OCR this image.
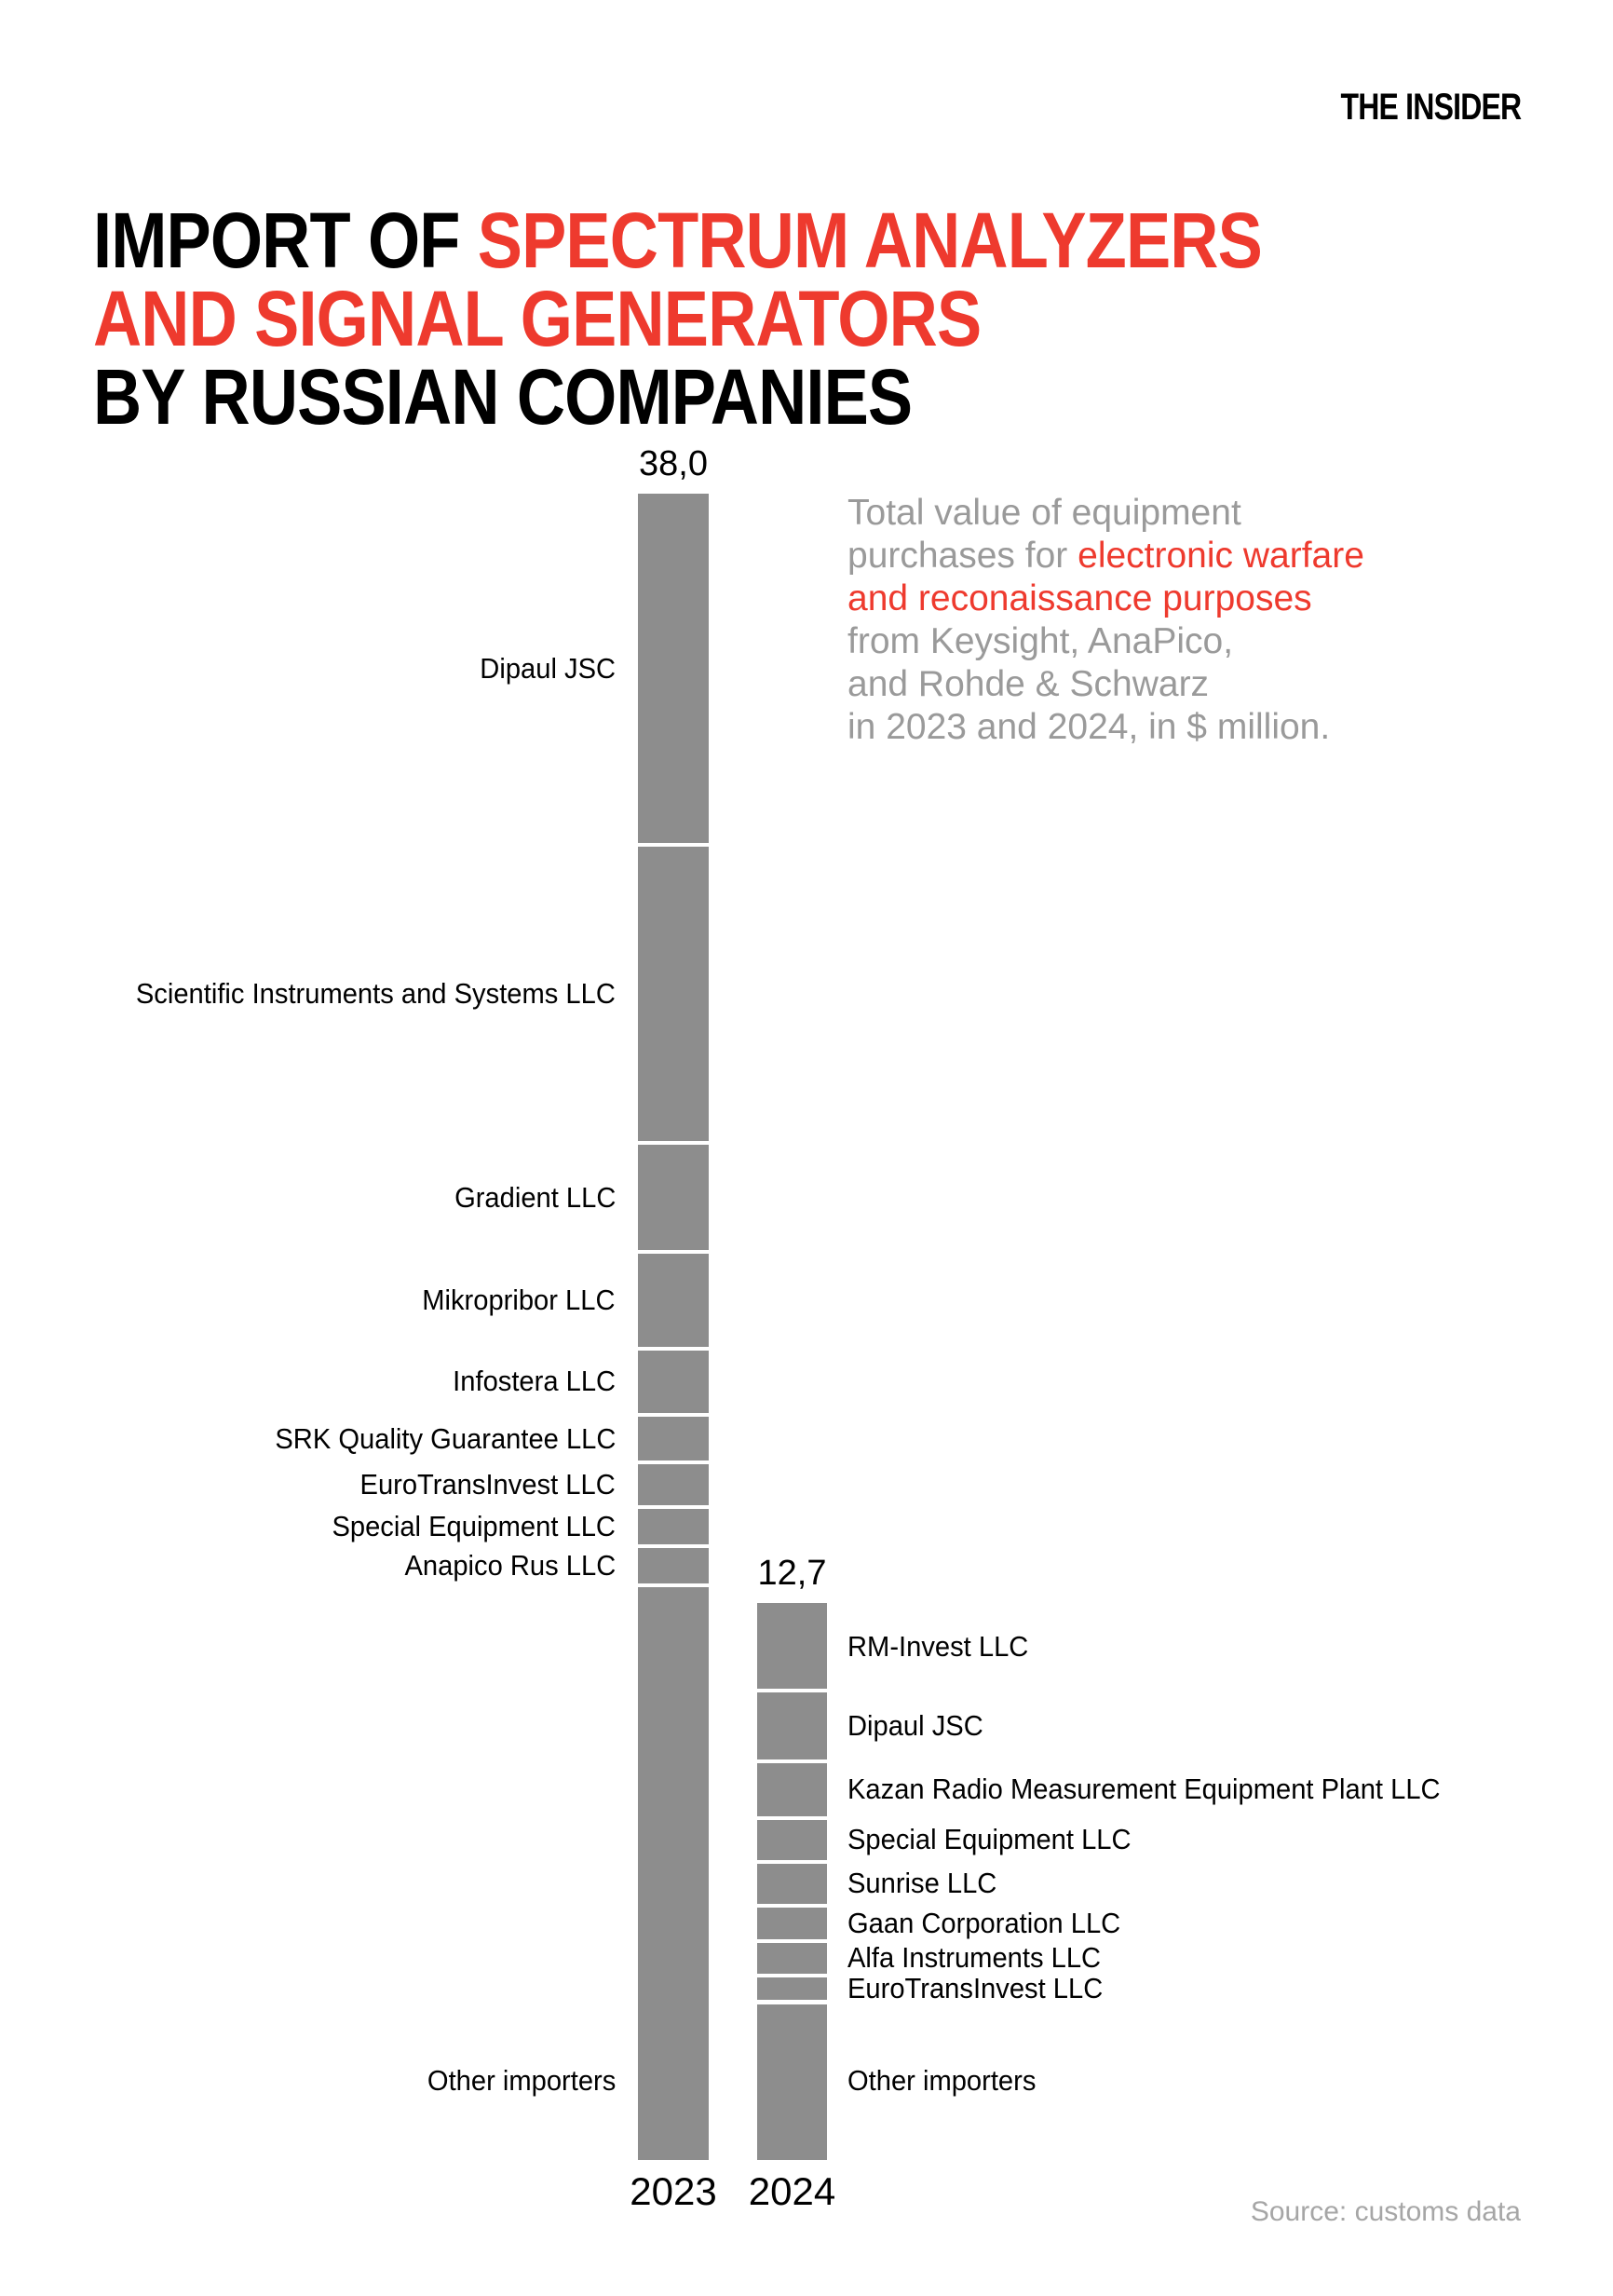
THE INSIDER
IMPORT OF SPECTRUM ANALYZERS
AND SIGNAL GENERATORS
BY RUSSIAN COMPANIES
Total value of equipment
purchases for electronic warfare
and reconaissance purposes
from Keysight, AnaPico,
and Rohde & Schwarz
in 2023 and 2024, in $ million.
38,0
2023
Dipaul JSC
Scientific Instruments and Systems LLC
Gradient LLC
Mikropribor LLC
Infostera LLC
SRK Quality Guarantee LLC
EuroTransInvest LLC
Special Equipment LLC
Anapico Rus LLC
Other importers
12,7
2024
RM-Invest LLC
Dipaul JSC
Kazan Radio Measurement Equipment Plant LLC
Special Equipment LLC
Sunrise LLC
Gaan Corporation LLC
Alfa Instruments LLC
EuroTransInvest LLC
Other importers
Source: customs data
